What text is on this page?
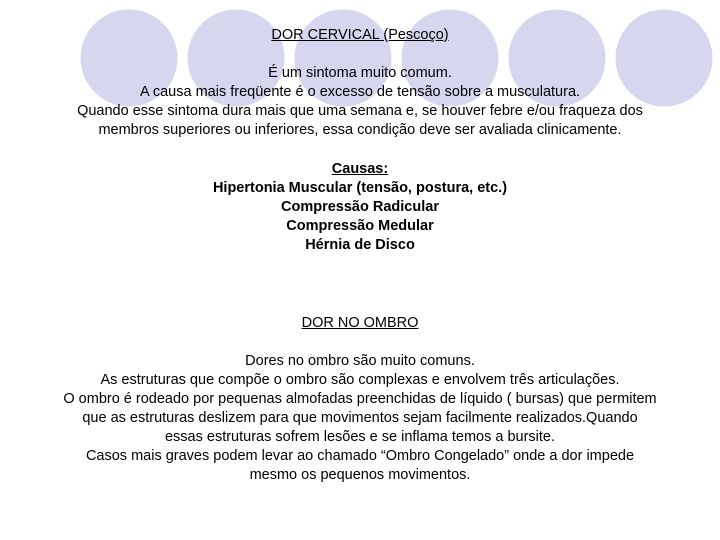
DOR CERVICAL (Pescoço)
É um sintoma muito comum.
A causa mais freqüente é o excesso de tensão sobre a musculatura.
Quando esse sintoma dura mais que uma semana e, se houver febre e/ou fraqueza dos
membros superiores ou inferiores, essa condição deve ser avaliada clinicamente.
Causas:
Hipertonia Muscular (tensão, postura, etc.)
Compressão Radicular
Compressão Medular
Hérnia de Disco
DOR NO OMBRO
Dores no ombro são muito comuns.
As estruturas que compõe o ombro são complexas e envolvem três articulações.
O ombro é rodeado por pequenas almofadas preenchidas de líquido ( bursas) que permitem
que as estruturas deslizem para que movimentos sejam facilmente realizados.Quando
essas estruturas sofrem lesões e se inflama temos a bursite.
Casos mais graves podem levar ao chamado “Ombro Congelado” onde a dor impede
mesmo os pequenos movimentos.
